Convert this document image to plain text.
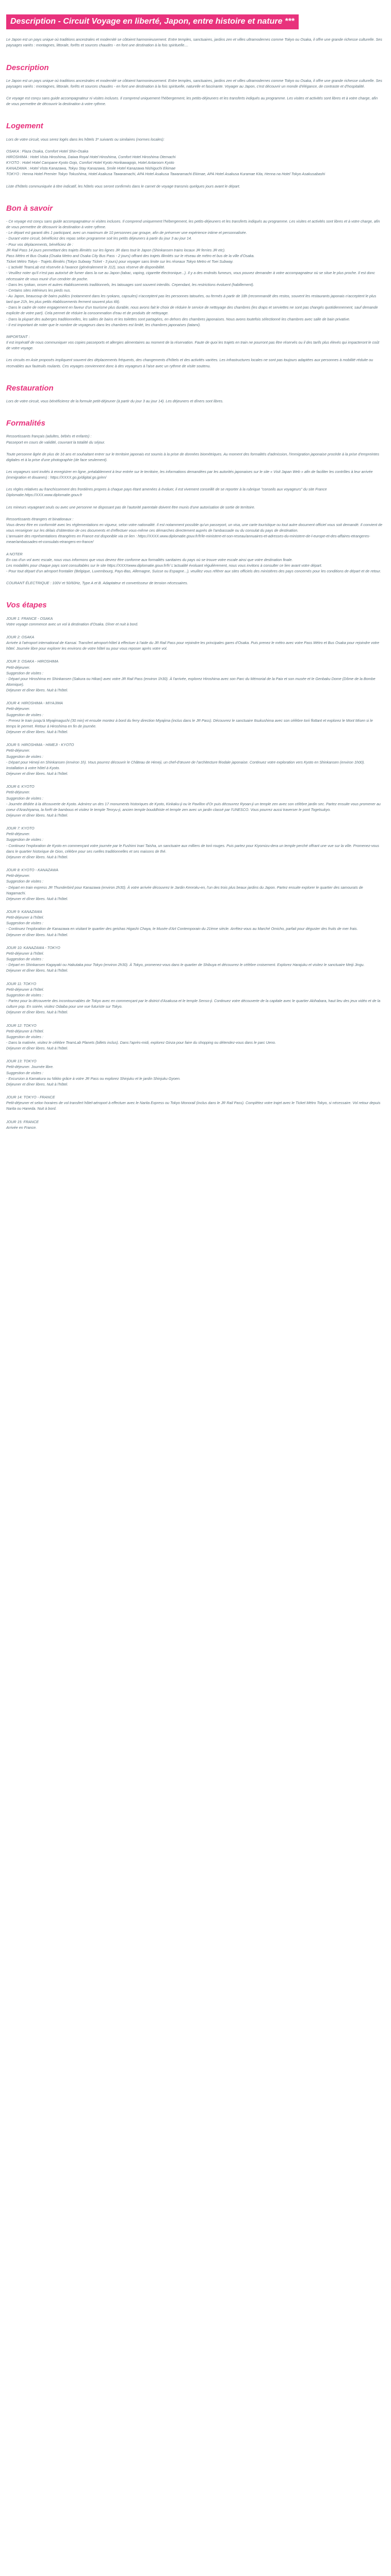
Description - Circuit Voyage en liberté, Japon, entre histoire et nature ***

Le Japon est un pays unique où traditions ancestrales et modernité se côtoient harmonieusement. Entre temples, sanctuaires, jardins zen et villes ultramodernes comme Tokyo ou Osaka, il offre une grande richesse culturelle. Ses paysages variés : montagnes, littorale, forêts et sources chaudes - en font une destination à la fois spirituelle....

Description

Le Japon est un pays unique où traditions ancestrales et modernité se côtoient harmonieusement. Entre temples, sanctuaires, jardins zen et villes ultramodernes comme Tokyo ou Osaka, il offre une grande richesse culturelle. Ses paysages variés : montagnes, littorale, forêts et sources chaudes - en font une destination à la fois spirituelle, naturelle et fascinante. Voyager au Japon, c'est découvrir un monde d'élégance, de contraste et d'hospitalité.

Ce voyage est conçu sans guide accompagnateur ni visites incluses. Il comprend uniquement l'hébergement, les petits-déjeuners et les transferts indiqués au programme. Les visites et activités sont libres et à votre charge, afin de vous permettre de découvrir la destination à votre rythme.

Logement

Lors de votre circuit, vous serez logés dans les hôtels 3* suivants ou similaires (normes locales):

OSAKA : Plaza Osaka, Comfort Hotel Shin-Osaka
HIROSHIMA : Hotel Vista Hiroshima, Daiwa Royal Hotel Hiroshima, Comfort Hotel Hiroshima Otemachi
KYOTO : Hotel Hotel Campane Kyoto Gojo, Comfort Hotel Kyoto Horikawagojo, Hotel Antaroom Kyoto
KANAZAWA : Hotel Vista Kanazawa, Tokyu Stay Kanazawa, Smile Hotel Kanazawa Nishiguchi Ekimae
TOKYO : Henna Hotel Premier Tokyo Tokushima, Hotel Asakusa Tawaramachi, APA Hotel Asakusa Tawaramachi Ekimae, APA Hotel Asakusa Kuramae Kita, Henna na Hotel Tokyo Asakusabashi

Liste d'hôtels communiquée à titre indicatif, les hôtels vous seront confirmés dans le carnet de voyage transmis quelques jours avant le départ.

Bon à savoir

- Ce voyage est conçu sans guide accompagnateur ni visites incluses. Il comprend uniquement l'hébergement, les petits-déjeuners et les transferts indiqués au programme. Les visites et activités sont libres et à votre charge, afin de vous permettre de découvrir la destination à votre rythme.
- Le départ est garanti dès 1 participant, avec un maximum de 10 personnes par groupe, afin de préserver une expérience intime et personnalisée.
- Durant votre circuit, bénéficiez des repas selon programme soit les petits déjeuners à partir du jour 3 au jour 14.
- Pour vos déplacements, bénéficiez de :
JR Rail Pass 14 jours permettant des trajets illimités sur les lignes JR dans tout le Japon (Shinkansen trains locaux JR ferries JR etc).
Pass Métro et Bus Osaka (Osaka Metro and Osaka City Bus Pass - 2 jours) offrant des trajets illimités sur le réseau de métro et bus de la ville d'Osaka.
Ticket Métro Tokyo - Trajets illimités (Tokyo Subway Ticket - 3 jours) pour voyager sans limite sur les réseaux Tokyo Metro et Toei Subway.
- L'activité TeamLab est réservée à l'avance (généralement le J12), sous réserve de disponibilité.
- Veuillez noter qu'il n'est pas autorisé de fumer dans la rue au Japon (tabac, vaping, cigarette électronique...). Il y a des endroits fumeurs, vous pouvez demander à votre accompagnateur où se situe le plus proche. Il est donc nécessaire de vous munir d'un cendrier de poche.
- Dans les ryokan, onsen et autres établissements traditionnels, les tatouages sont souvent interdits. Cependant, les restrictions évoluent (habillement).
- Certains sites intérieurs les pieds nus.
- Au Japon, beaucoup de bains publics (notamment dans les ryokans, capsules) n'acceptent pas les personnes tatouées, ou fermés à partir de 18h (recommandé des restos, souvent les restaurants japonais n'acceptent le plus tard que 21h, les plus petits établissements ferment souvent plus tôt).
- Dans le cadre de notre engagement en faveur d'un tourisme plus durable, nous avons fait le choix de réduire le service de nettoyage des chambres (les draps et serviettes ne sont pas changés quotidiennement, sauf demande explicite de votre part). Cela permet de réduire la consommation d'eau et de produits de nettoyage.
- Dans la plupart des auberges traditionnelles, les salles de bains et les toilettes sont partagées, en dehors des chambres japonaises. Nous avons toutefois sélectionné les chambres avec salle de bain privative.
- Il est important de noter que le nombre de voyageurs dans les chambres est limité, les chambres japonaises (tatami).

IMPORTANT :
Il est impératif de nous communiquer vos copies passeports et allergies alimentaires au moment de la réservation. Faute de quoi les trajets en train ne pourront pas être réservés ou il des tarifs plus élevés qui impacteront le coût de votre voyage.

Les circuits en Asie proposés impliquent souvent des déplacements fréquents, des changements d'hôtels et des activités variées. Les infrastructures locales ne sont pas toujours adaptées aux personnes à mobilité réduite ou recevables aux fauteuils roulants. Ces voyages conviennent donc à des voyageurs à l'aise avec un rythme de visite soutenu.

Restauration

Lors de votre circuit, vous bénéficierez de la formule petit-déjeuner (à partir du jour 3 au jour 14). Les déjeuners et dîners sont libres.

Formalités

Ressortissants français (adultes, bébés et enfants) :
Passeport en cours de validité, couvrant la totalité du séjour.

Toute personne âgée de plus de 16 ans et souhaitant entrer sur le territoire japonais est soumis à la prise de données biométriques. Au moment des formalités d'admission, l'immigration japonaise procède à la prise d'empreintes digitales et à la prise d'une photographie (de face seulement).

Les voyageurs sont invités à enregistrer en ligne, préalablement à leur entrée sur le territoire, les informations demandées par les autorités japonaises sur le site « Visit Japan Web » afin de faciliter les contrôles à leur arrivée (immigration et douanes) : https://XXXX.go.jp/digital.go.jp/en/

Les règles relatives au franchissement des frontières propres à chaque pays étant amenées à évoluer, il est vivement conseillé de se reporter à la rubrique "conseils aux voyageurs" du site France Diplomatie.https://XXX.www.diplomatie.gouv.fr

Les mineurs voyageant seuls ou avec une personne ne disposant pas de l'autorité parentale doivent être munis d'une autorisation de sortie de territoire.

Ressortissants étrangers et binationaux :
Vous devez être en conformité avec les réglementations en vigueur, selon votre nationalité. Il est notamment possible qu'un passeport, un visa, une carte touristique ou tout autre document officiel vous soit demandé. Il convient de vous renseigner sur les délais d'obtention de ces documents et d'effectuer vous-même ces démarches directement auprès de l'ambassade ou du consulat du pays de destination.
L'annuaire des représentations étrangères en France est disponible via ce lien : https://XXXX.www.diplomatie.gouv.fr/fr/le-ministere-et-son-reseau/annuaires-et-adresses-du-ministere-de-l-europe-et-des-affaires-etrangeres-meae/ambassades-et-consulats-etrangers-en-france/

A NOTER
En cas d'un vol avec escale, nous vous informons que vous devrez être conforme aux formalités sanitaires du pays où se trouve votre escale ainsi que votre destination finale.
Les modalités pour chaque pays sont consultables sur le site https://XXXXwww.diplomatie.gouv.fr/fr/ L'actualité évoluant régulièrement, nous vous invitons à consulter ce lien avant votre départ.
- Pour tout départ d'un aéroport frontalier (Belgique, Luxembourg, Pays-Bas, Allemagne, Suisse ou Espagne...), veuillez vous référer aux sites officiels des ministères des pays concernés pour les conditions de départ et de retour.

COURANT ÉLECTRIQUE : 100V et 50/60Hz, Type A et B. Adaptateur et convertisseur de tension nécessaires.

Vos étapes
JOUR 1: FRANCE - OSAKA
Votre voyage commence avec un vol à destination d'Osaka. Dîner et nuit à bord.
JOUR 2: OSAKA
Arrivée à l'aéroport international de Kansai. Transfert aéroport-hôtel à effectuer à l'aide du JR Rail Pass pour rejoindre les principales gares d'Osaka. Puis prenez le métro avec votre Pass Métro et Bus Osaka pour rejoindre votre hôtel. Journée libre pour explorer les environs de votre hôtel ou pour vous reposer après votre vol.
JOUR 3: OSAKA - HIROSHIMA
Petit-déjeuner.
Suggestion de visites :
- Départ pour Hiroshima en Shinkansen (Sakura ou Hikari) avec votre JR Rail Pass (environ 1h30). À l'arrivée, explorez Hiroshima avec son Parc du Mémorial de la Paix et son musée et le Genbaku Dome (Dôme de la Bombe Atomique).
Déjeuner et dîner libres. Nuit à l'hôtel.
JOUR 4: HIROSHIMA - MIYAJIMA
Petit-déjeuner.
Suggestion de visites :
- Prenez le train jusqu'à Miyajimaguchi (30 min) et ensuite montez à bord du ferry direction Miyajima (inclus dans le JR Pass). Découvrez le sanctuaire Itsukushima avec son célèbre torii flottant et explorez le Mont Misen si le temps le permet. Retour à Hiroshima en fin de journée.
Déjeuner et dîner libres. Nuit à l'hôtel.
JOUR 5: HIROSHIMA - HIMEJI - KYOTO
Petit-déjeuner.
Suggestion de visites :
- Départ pour Himeji en Shinkansen (environ 1h). Vous pourrez découvrir le Château de Himeji, un chef-d'œuvre de l'architecture féodale japonaise. Continuez votre exploration vers Kyoto en Shinkansen (environ 1h00). Installation à votre hôtel à Kyoto.
Déjeuner et dîner libres. Nuit à l'hôtel.
JOUR 6: KYOTO
Petit-déjeuner.
Suggestion de visites :
- Journée dédiée à la découverte de Kyoto. Admirez un des 17 monuments historiques de Kyoto, Kinkaku-ji ou le Pavillon d'Or puis découvrez Ryoan-ji un temple zen avec son célèbre jardin sec. Partez ensuite vous promener au coeur d'Arashiyama, la forêt de bambous et visitez le temple Tenryu-ji, ancien temple bouddhiste et temple zen avec un jardin classé par l'UNESCO. Vous pourrez aussi traverser le pont Togetsukyo.
Déjeuner et dîner libres. Nuit à l'hôtel.
JOUR 7: KYOTO
Petit-déjeuner.
Suggestion de visites :
- Continuez l'exploration de Kyoto en commençant votre journée par le Fushimi Inari Taisha, un sanctuaire aux milliers de torii rouges. Puis partez pour Kiyomizu-dera un temple perché offrant une vue sur la ville. Promenez-vous dans le quartier historique de Gion, célèbre pour ses ruelles traditionnelles et ses maisons de thé.
Déjeuner et dîner libres. Nuit à l'hôtel.
JOUR 8: KYOTO - KANAZAWA
Petit-déjeuner.
Suggestion de visites :
- Départ en train express JR Thunderbird pour Kanazawa (environ 2h30). À votre arrivée découvrez le Jardin Kenroku-en, l'un des trois plus beaux jardins du Japon. Partez ensuite explorer le quartier des samouraïs de Nagamachi.
Déjeuner et dîner libres. Nuit à l'hôtel.
JOUR 9: KANAZAWA
Petit-déjeuner à l'hôtel.
Suggestion de visites :
- Continuez l'exploration de Kanazawa en visitant le quartier des geishas Higashi Chaya, le Musée d'Art Contemporain du 21ème siècle. Arrêtez-vous au Marché Omicho, parfait pour déguster des fruits de mer frais.
Déjeuner et dîner libres. Nuit à l'hôtel.
JOUR 10: KANAZAWA - TOKYO
Petit-déjeuner à l'hôtel.
Suggestion de visites :
- Départ en Shinkansen Kagayaki ou Hakutaka pour Tokyo (environ 2h30). À Tokyo, promenez-vous dans le quartier de Shibuya et découvrez le célèbre croisement. Explorez Harajuku et visitez le sanctuaire Meiji Jingu.
Déjeuner et dîner libres. Nuit à l'hôtel.
JOUR 11: TOKYO
Petit-déjeuner à l'hôtel.
Suggestion de visites :
- Partez pour la découverte des incontournables de Tokyo avec en commençant par le district d'Asakusa et le temple Senso-ji. Continuez votre découverte de la capitale avec le quartier Akihabara, haut lieu des jeux vidéo et de la culture pop. En soirée, visitez Odaiba pour une vue futuriste sur Tokyo.
Déjeuner et dîner libres. Nuit à l'hôtel.
JOUR 12: TOKYO
Petit-déjeuner à l'hôtel.
Suggestion de visites :
- Dans la matinée, visitez le célèbre TeamLab Planets (billets inclus). Dans l'après-midi, explorez Ginza pour faire du shopping ou détendez-vous dans le parc Ueno.
Déjeuner et dîner libres. Nuit à l'hôtel.
JOUR 13: TOKYO
Petit-déjeuner. Journée libre.
Suggestion de visites :
- Excursion à Kamakura ou Nikko grâce à votre JR Pass ou explorez Shinjuku et le jardin Shinjuku Gyoen.
Déjeuner et dîner libres. Nuit à l'hôtel.
JOUR 14: TOKYO - FRANCE
Petit-déjeuner et selon horaires de vol transfert hôtel-aéroport à effectuer avec le Narita Express ou Tokyo Monorail (inclus dans le JR Rail Pass). Complétez votre trajet avec le Ticket Métro Tokyo, si nécessaire. Vol retour depuis Narita ou Haneda. Nuit à bord.
JOUR 15: FRANCE
Arrivée en France.
